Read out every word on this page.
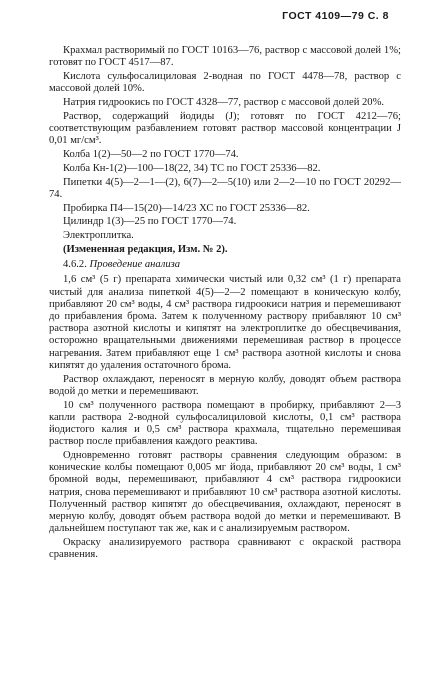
ГОСТ 4109—79 С. 8

Крахмал растворимый по ГОСТ 10163—76, раствор с массовой долей 1%; готовят по ГОСТ 4517—87.

Кислота сульфосалициловая 2-водная по ГОСТ 4478—78, раствор с массовой долей 10%.

Натрия гидроокись по ГОСТ 4328—77, раствор с массовой долей 20%.

Раствор, содержащий йодиды (J); готовят по ГОСТ 4212—76; соответствующим разбавлением готовят раствор массовой концентрации J 0,01 мг/см³.

Колба 1(2)—50—2 по ГОСТ 1770—74.

Колба Кн-1(2)—100—18(22, 34) ТС по ГОСТ 25336—82.

Пипетки 4(5)—2—1—(2), 6(7)—2—5(10) или 2—2—10 по ГОСТ 20292—74.

Пробирка П4—15(20)—14/23 ХС по ГОСТ 25336—82.

Цилиндр 1(3)—25 по ГОСТ 1770—74.

Электроплитка.

(Измененная редакция, Изм. № 2).

4.6.2. Проведение анализа

1,6 см³ (5 г) препарата химически чистый или 0,32 см³ (1 г) препарата чистый для анализа пипеткой 4(5)—2—2 помещают в коническую колбу, прибавляют 20 см³ воды, 4 см³ раствора гидроокиси натрия и перемешивают до прибавления брома. Затем к полученному раствору прибавляют 10 см³ раствора азотной кислоты и кипятят на электроплитке до обесцвечивания, осторожно вращательными движениями перемешивая раствор в процессе нагревания. Затем прибавляют еще 1 см³ раствора азотной кислоты и снова кипятят до удаления остаточного брома.

Раствор охлаждают, переносят в мерную колбу, доводят объем раствора водой до метки и перемешивают.

10 см³ полученного раствора помещают в пробирку, прибавляют 2—3 капли раствора 2-водной сульфосалициловой кислоты, 0,1 см³ раствора йодистого калия и 0,5 см³ раствора крахмала, тщательно перемешивая раствор после прибавления каждого реактива.

Одновременно готовят растворы сравнения следующим образом: в конические колбы помещают 0,005 мг йода, прибавляют 20 см³ воды, 1 см³ бромной воды, перемешивают, прибавляют 4 см³ раствора гидроокиси натрия, снова перемешивают и прибавляют 10 см³ раствора азотной кислоты. Полученный раствор кипятят до обесцвечивания, охлаждают, переносят в мерную колбу, доводят объем раствора водой до метки и перемешивают. В дальнейшем поступают так же, как и с анализируемым раствором.

Окраску анализируемого раствора сравнивают с окраской раствора сравнения.
